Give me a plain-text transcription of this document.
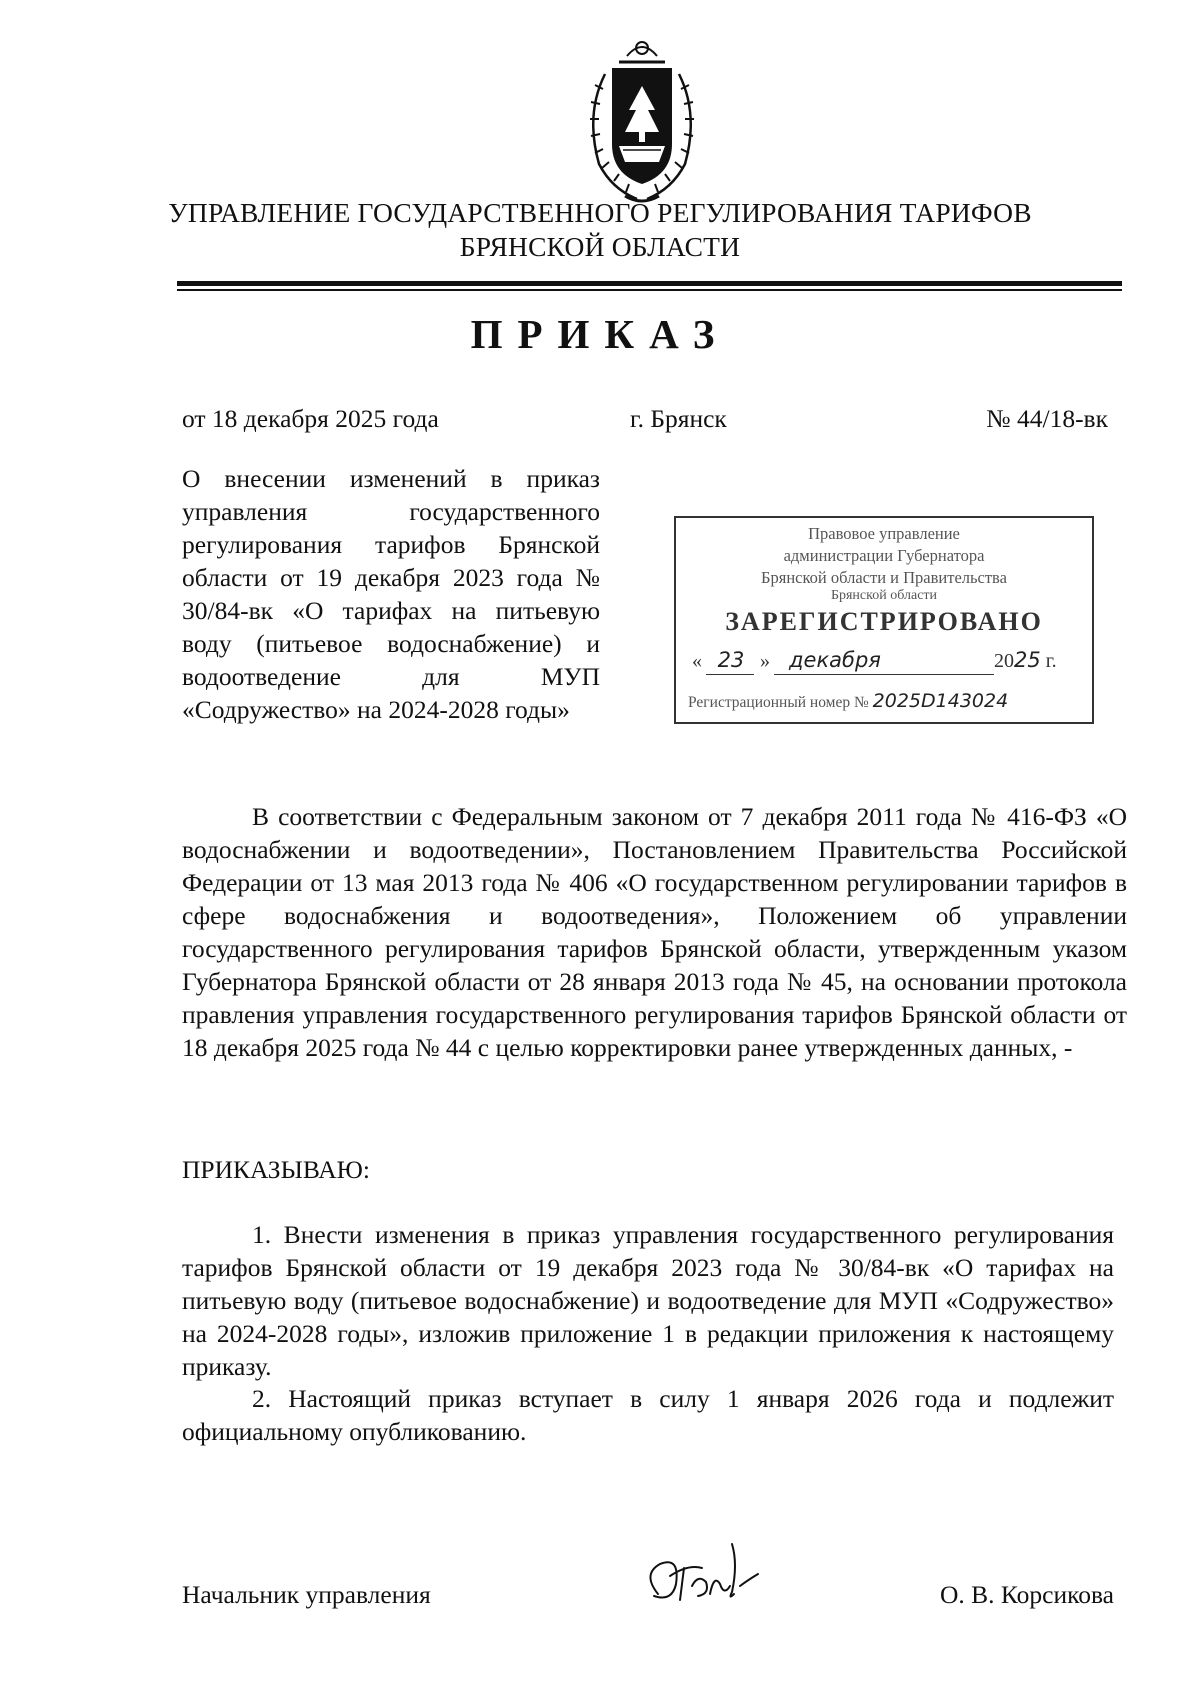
УПРАВЛЕНИЕ ГОСУДАРСТВЕННОГО РЕГУЛИРОВАНИЯ ТАРИФОВ
БРЯНСКОЙ ОБЛАСТИ
ПРИКАЗ
от 18 декабря 2025 года	г. Брянск	№ 44/18-вк
О внесении изменений в приказ управления государственного регулирования тарифов Брянской области от 19 декабря 2023 года № 30/84-вк «О тарифах на питьевую воду (питьевое водоснабжение) и водоотведение для МУП «Содружество» на 2024-2028 годы»
Правовое управление
администрации Губернатора
Брянской области и Правительства
Брянской области
ЗАРЕГИСТРИРОВАНО
« 23 » декабря	2025 г.
Регистрационный номер № 2025D143024
В соответствии с Федеральным законом от 7 декабря 2011 года № 416-ФЗ «О водоснабжении и водоотведении», Постановлением Правительства Российской Федерации от 13 мая 2013 года № 406 «О государственном регулировании тарифов в сфере водоснабжения и водоотведения», Положением об управлении государственного регулирования тарифов Брянской области, утвержденным указом Губернатора Брянской области от 28 января 2013 года № 45, на основании протокола правления управления государственного регулирования тарифов Брянской области от 18 декабря 2025 года № 44 с целью корректировки ранее утвержденных данных, -
ПРИКАЗЫВАЮ:
1. Внести изменения в приказ управления государственного регулирования тарифов Брянской области от 19 декабря 2023 года № 30/84-вк «О тарифах на питьевую воду (питьевое водоснабжение) и водоотведение для МУП «Содружество» на 2024-2028 годы», изложив приложение 1 в редакции приложения к настоящему приказу.
2. Настоящий приказ вступает в силу 1 января 2026 года и подлежит официальному опубликованию.
Начальник управления	О. В. Корсикова
